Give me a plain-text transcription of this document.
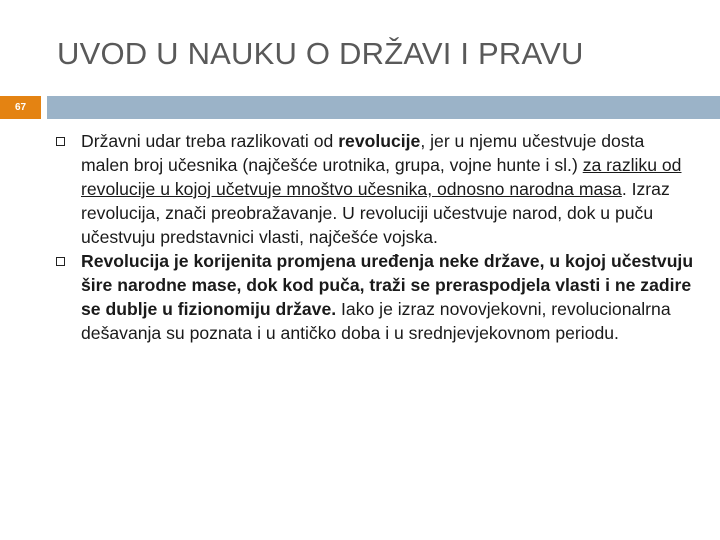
UVOD U NAUKU O DRŽAVI I PRAVU
67
Državni udar treba razlikovati od revolucije, jer u njemu učestvuje dosta malen broj učesnika (najčešće urotnika, grupa, vojne hunte i sl.) za razliku od revolucije u kojoj učetvuje mnoštvo učesnika, odnosno narodna masa. Izraz revolucija, znači preobražavanje. U revoluciji učestvuje narod, dok u puču učestvuju predstavnici vlasti, najčešće vojska.
Revolucija je korijenita promjena uređenja neke države, u kojoj učestvuju šire narodne mase, dok kod puča, traži se preraspodjela vlasti i ne zadire se dublje u fizionomiju države. Iako je izraz novovjekovni, revolucionalrna dešavanja su poznata i u antičko doba i u srednjevjekovnom periodu.
